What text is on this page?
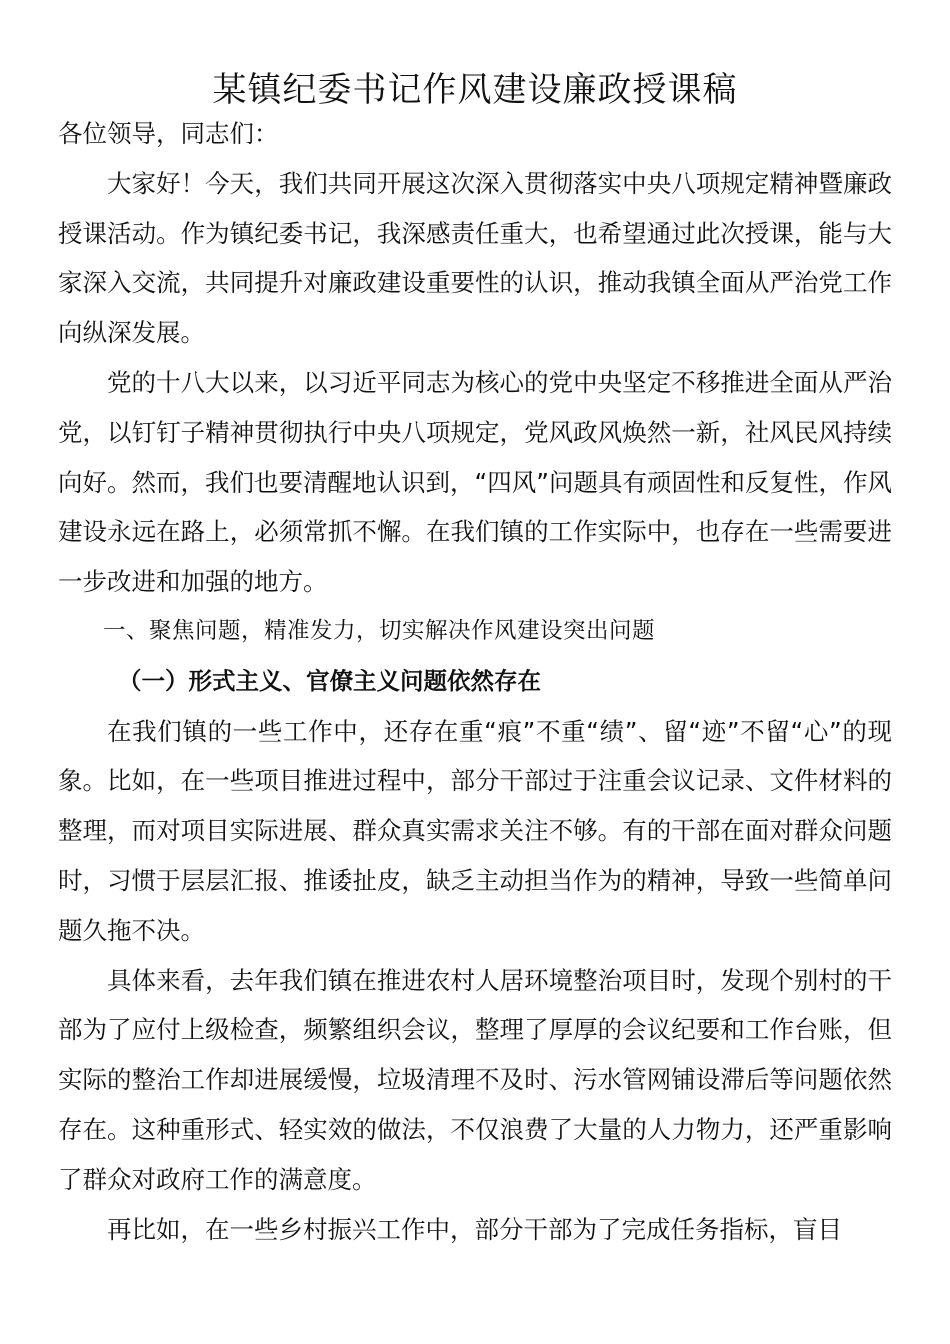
某镇纪委书记作风建设廉政授课稿

各位领导，同志们：

大家好！今天，我们共同开展这次深入贯彻落实中央八项规定精神暨廉政授课活动。作为镇纪委书记，我深感责任重大，也希望通过此次授课，能与大家深入交流，共同提升对廉政建设重要性的认识，推动我镇全面从严治党工作向纵深发展。

党的十八大以来，以习近平同志为核心的党中央坚定不移推进全面从严治党，以钉钉子精神贯彻执行中央八项规定，党风政风焕然一新，社风民风持续向好。然而，我们也要清醒地认识到，“四风”问题具有顽固性和反复性，作风建设永远在路上，必须常抓不懈。在我们镇的工作实际中，也存在一些需要进一步改进和加强的地方。

一、聚焦问题，精准发力，切实解决作风建设突出问题

（一）形式主义、官僚主义问题依然存在

在我们镇的一些工作中，还存在重“痕”不重“绩”、留“迹”不留“心”的现象。比如，在一些项目推进过程中，部分干部过于注重会议记录、文件材料的整理，而对项目实际进展、群众真实需求关注不够。有的干部在面对群众问题时，习惯于层层汇报、推诿扯皮，缺乏主动担当作为的精神，导致一些简单问题久拖不决。

具体来看，去年我们镇在推进农村人居环境整治项目时，发现个别村的干部为了应付上级检查，频繁组织会议，整理了厚厚的会议纪要和工作台账，但实际的整治工作却进展缓慢，垃圾清理不及时、污水管网铺设滞后等问题依然存在。这种重形式、轻实效的做法，不仅浪费了大量的人力物力，还严重影响了群众对政府工作的满意度。

再比如，在一些乡村振兴工作中，部分干部为了完成任务指标，盲目
